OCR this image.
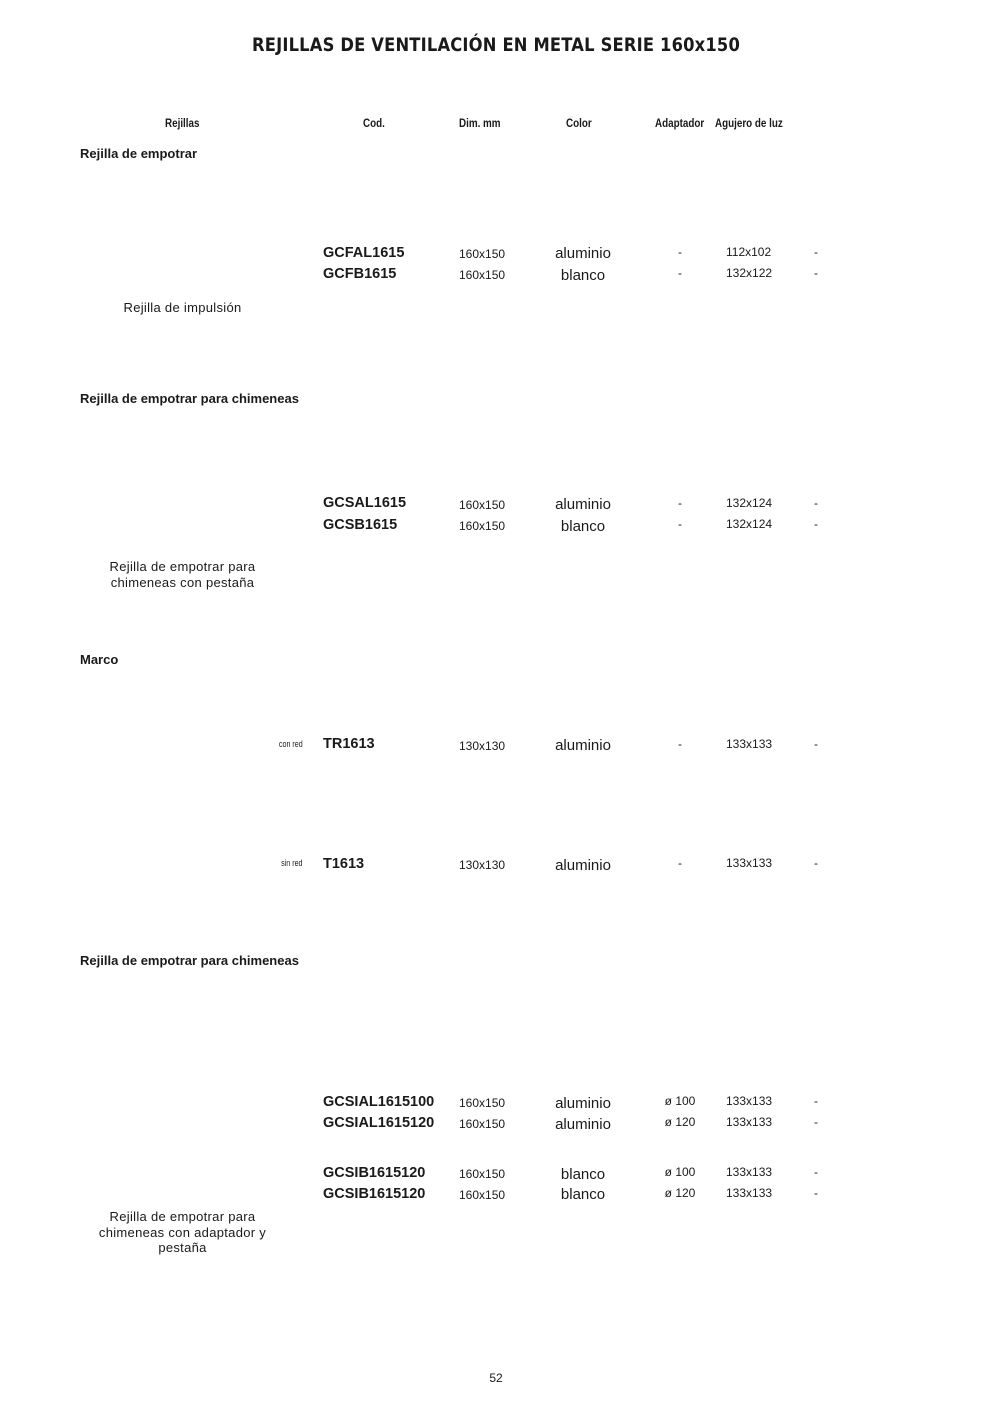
REJILLAS DE VENTILACIÓN EN METAL SERIE 160x150
Rejillas	Cod.	Dim. mm	Color	Adaptador Agujero de luz
Rejilla de empotrar
GCFAL1615	160x150	aluminio	-	112x102	-
GCFB1615	160x150	blanco	-	132x122	-
Rejilla de impulsión
Rejilla de empotrar para chimeneas
GCSAL1615	160x150	aluminio	-	132x124	-
GCSB1615	160x150	blanco	-	132x124	-
Rejilla de empotrar para chimeneas con pestaña
Marco
con red TR1613	130x130	aluminio	-	133x133	-
sin red T1613	130x130	aluminio	-	133x133	-
Rejilla de empotrar para chimeneas
GCSIAL1615100 160x150	aluminio	ø 100	133x133	-
GCSIAL1615120 160x150	aluminio	ø 120	133x133	-
GCSIB1615120	160x150	blanco	ø 100	133x133	-
GCSIB1615120	160x150	blanco	ø 120	133x133	-
Rejilla de empotrar para chimeneas con adaptador y pestaña
52
